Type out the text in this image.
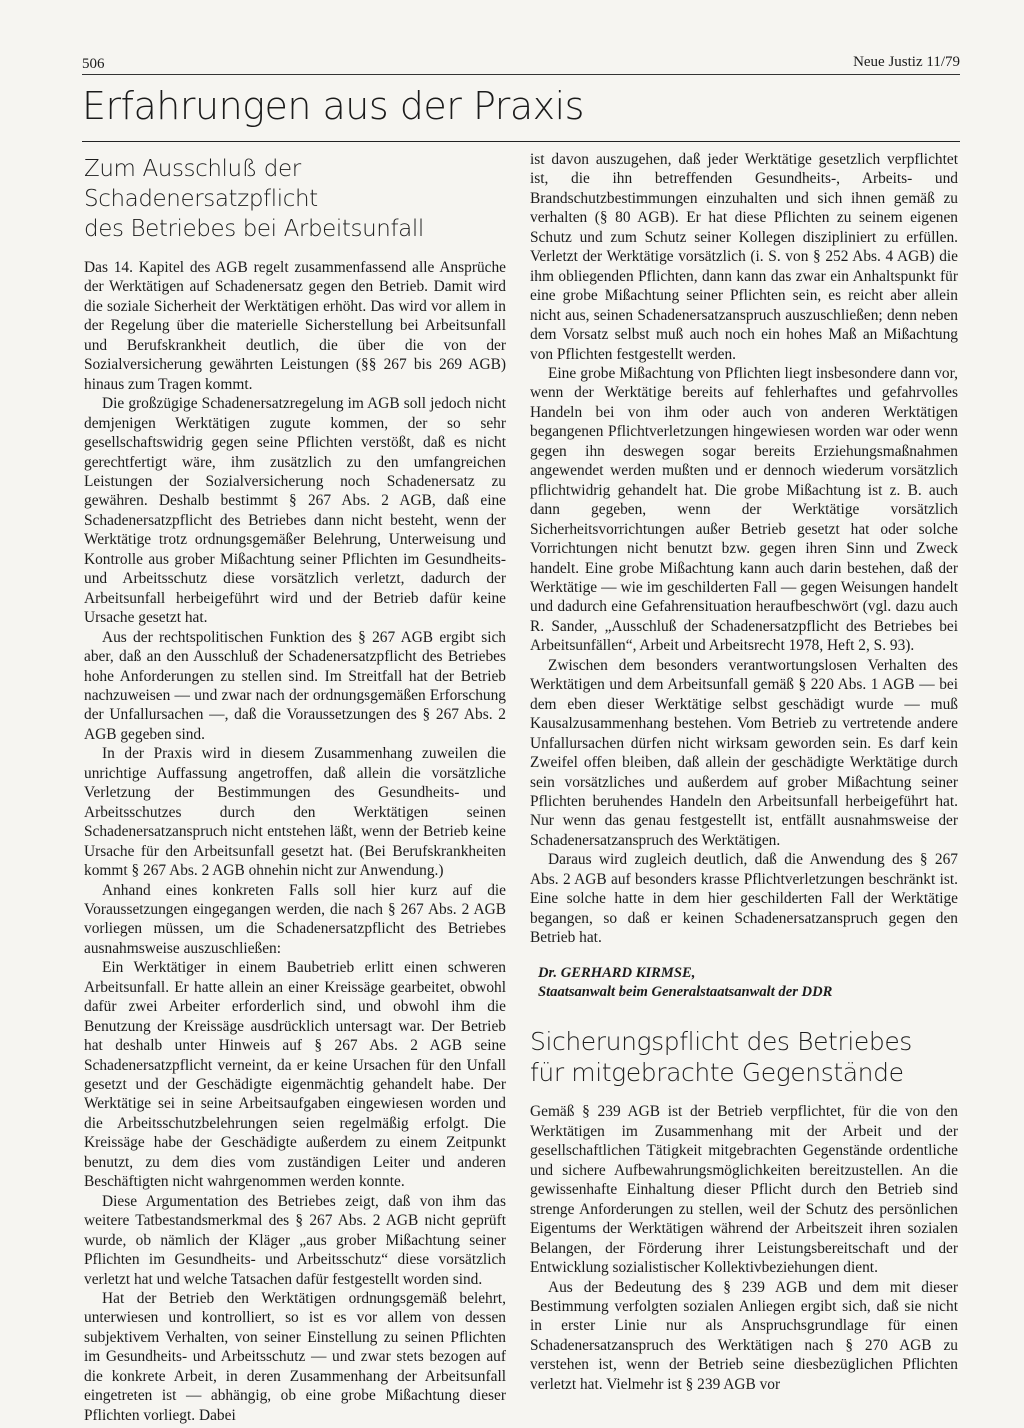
506	Neue Justiz 11/79
Erfahrungen aus der Praxis
Zum Ausschluß der Schadenersatzpflicht
des Betriebes bei Arbeitsunfall

Das 14. Kapitel des AGB regelt zusammenfassend alle Ansprüche der Werktätigen auf Schadenersatz gegen den Betrieb. Damit wird die soziale Sicherheit der Werktätigen erhöht. Das wird vor allem in der Regelung über die materielle Sicherstellung bei Arbeitsunfall und Berufskrankheit deutlich, die über die von der Sozialversicherung gewährten Leistungen (§§ 267 bis 269 AGB) hinaus zum Tragen kommt.

Die großzügige Schadenersatzregelung im AGB soll jedoch nicht demjenigen Werktätigen zugute kommen, der so sehr gesellschaftswidrig gegen seine Pflichten verstößt, daß es nicht gerechtfertigt wäre, ihm zusätzlich zu den umfangreichen Leistungen der Sozialversicherung noch Schadenersatz zu gewähren. Deshalb bestimmt § 267 Abs. 2 AGB, daß eine Schadenersatzpflicht des Betriebes dann nicht besteht, wenn der Werktätige trotz ordnungsgemäßer Belehrung, Unterweisung und Kontrolle aus grober Mißachtung seiner Pflichten im Gesundheits- und Arbeitsschutz diese vorsätzlich verletzt, dadurch der Arbeitsunfall herbeigeführt wird und der Betrieb dafür keine Ursache gesetzt hat.

Aus der rechtspolitischen Funktion des § 267 AGB ergibt sich aber, daß an den Ausschluß der Schadenersatzpflicht des Betriebes hohe Anforderungen zu stellen sind. Im Streitfall hat der Betrieb nachzuweisen — und zwar nach der ordnungsgemäßen Erforschung der Unfallursachen —, daß die Voraussetzungen des § 267 Abs. 2 AGB gegeben sind.

In der Praxis wird in diesem Zusammenhang zuweilen die unrichtige Auffassung angetroffen, daß allein die vorsätzliche Verletzung der Bestimmungen des Gesundheits- und Arbeitsschutzes durch den Werktätigen seinen Schadenersatzanspruch nicht entstehen läßt, wenn der Betrieb keine Ursache für den Arbeitsunfall gesetzt hat. (Bei Berufskrankheiten kommt § 267 Abs. 2 AGB ohnehin nicht zur Anwendung.)

Anhand eines konkreten Falls soll hier kurz auf die Voraussetzungen eingegangen werden, die nach § 267 Abs. 2 AGB vorliegen müssen, um die Schadenersatzpflicht des Betriebes ausnahmsweise auszuschließen:

Ein Werktätiger in einem Baubetrieb erlitt einen schweren Arbeitsunfall. Er hatte allein an einer Kreissäge gearbeitet, obwohl dafür zwei Arbeiter erforderlich sind, und obwohl ihm die Benutzung der Kreissäge ausdrücklich untersagt war. Der Betrieb hat deshalb unter Hinweis auf § 267 Abs. 2 AGB seine Schadenersatzpflicht verneint, da er keine Ursachen für den Unfall gesetzt und der Geschädigte eigenmächtig gehandelt habe. Der Werktätige sei in seine Arbeitsaufgaben eingewiesen worden und die Arbeitsschutzbelehrungen seien regelmäßig erfolgt. Die Kreissäge habe der Geschädigte außerdem zu einem Zeitpunkt benutzt, zu dem dies vom zuständigen Leiter und anderen Beschäftigten nicht wahrgenommen werden konnte.

Diese Argumentation des Betriebes zeigt, daß von ihm das weitere Tatbestandsmerkmal des § 267 Abs. 2 AGB nicht geprüft wurde, ob nämlich der Kläger „aus grober Mißachtung seiner Pflichten im Gesundheits- und Arbeitsschutz“ diese vorsätzlich verletzt hat und welche Tatsachen dafür festgestellt worden sind.

Hat der Betrieb den Werktätigen ordnungsgemäß belehrt, unterwiesen und kontrolliert, so ist es vor allem von dessen subjektivem Verhalten, von seiner Einstellung zu seinen Pflichten im Gesundheits- und Arbeitsschutz — und zwar stets bezogen auf die konkrete Arbeit, in deren Zusammenhang der Arbeitsunfall eingetreten ist — abhängig, ob eine grobe Mißachtung dieser Pflichten vorliegt. Dabei

ist davon auszugehen, daß jeder Werktätige gesetzlich verpflichtet ist, die ihn betreffenden Gesundheits-, Arbeits- und Brandschutzbestimmungen einzuhalten und sich ihnen gemäß zu verhalten (§ 80 AGB). Er hat diese Pflichten zu seinem eigenen Schutz und zum Schutz seiner Kollegen diszipliniert zu erfüllen. Verletzt der Werktätige vorsätzlich (i. S. von § 252 Abs. 4 AGB) die ihm obliegenden Pflichten, dann kann das zwar ein Anhaltspunkt für eine grobe Mißachtung seiner Pflichten sein, es reicht aber allein nicht aus, seinen Schadenersatzanspruch auszuschließen; denn neben dem Vorsatz selbst muß auch noch ein hohes Maß an Mißachtung von Pflichten festgestellt werden.

Eine grobe Mißachtung von Pflichten liegt insbesondere dann vor, wenn der Werktätige bereits auf fehlerhaftes und gefahrvolles Handeln bei von ihm oder auch von anderen Werktätigen begangenen Pflichtverletzungen hingewiesen worden war oder wenn gegen ihn deswegen sogar bereits Erziehungsmaßnahmen angewendet werden mußten und er dennoch wiederum vorsätzlich pflichtwidrig gehandelt hat. Die grobe Mißachtung ist z. B. auch dann gegeben, wenn der Werktätige vorsätzlich Sicherheitsvorrichtungen außer Betrieb gesetzt hat oder solche Vorrichtungen nicht benutzt bzw. gegen ihren Sinn und Zweck handelt. Eine grobe Mißachtung kann auch darin bestehen, daß der Werktätige — wie im geschilderten Fall — gegen Weisungen handelt und dadurch eine Gefahrensituation heraufbeschwört (vgl. dazu auch R. Sander, „Ausschluß der Schadenersatzpflicht des Betriebes bei Arbeitsunfällen“, Arbeit und Arbeitsrecht 1978, Heft 2, S. 93).

Zwischen dem besonders verantwortungslosen Verhalten des Werktätigen und dem Arbeitsunfall gemäß § 220 Abs. 1 AGB — bei dem eben dieser Werktätige selbst geschädigt wurde — muß Kausalzusammenhang bestehen. Vom Betrieb zu vertretende andere Unfallursachen dürfen nicht wirksam geworden sein. Es darf kein Zweifel offen bleiben, daß allein der geschädigte Werktätige durch sein vorsätzliches und außerdem auf grober Mißachtung seiner Pflichten beruhendes Handeln den Arbeitsunfall herbeigeführt hat. Nur wenn das genau festgestellt ist, entfällt ausnahmsweise der Schadenersatzanspruch des Werktätigen.

Daraus wird zugleich deutlich, daß die Anwendung des § 267 Abs. 2 AGB auf besonders krasse Pflichtverletzungen beschränkt ist. Eine solche hatte in dem hier geschilderten Fall der Werktätige begangen, so daß er keinen Schadenersatzanspruch gegen den Betrieb hat.

Dr. GERHARD KIRMSE,

Staatsanwalt beim Generalstaatsanwalt der DDR

Sicherungspflicht des Betriebes
für mitgebrachte Gegenstände

Gemäß § 239 AGB ist der Betrieb verpflichtet, für die von den Werktätigen im Zusammenhang mit der Arbeit und der gesellschaftlichen Tätigkeit mitgebrachten Gegenstände ordentliche und sichere Aufbewahrungsmöglichkeiten bereitzustellen. An die gewissenhafte Einhaltung dieser Pflicht durch den Betrieb sind strenge Anforderungen zu stellen, weil der Schutz des persönlichen Eigentums der Werktätigen während der Arbeitszeit ihren sozialen Belangen, der Förderung ihrer Leistungsbereitschaft und der Entwicklung sozialistischer Kollektivbeziehungen dient.

Aus der Bedeutung des § 239 AGB und dem mit dieser Bestimmung verfolgten sozialen Anliegen ergibt sich, daß sie nicht in erster Linie nur als Anspruchsgrundlage für einen Schadenersatzanspruch des Werktätigen nach § 270 AGB zu verstehen ist, wenn der Betrieb seine diesbezüglichen Pflichten verletzt hat. Vielmehr ist § 239 AGB vor
